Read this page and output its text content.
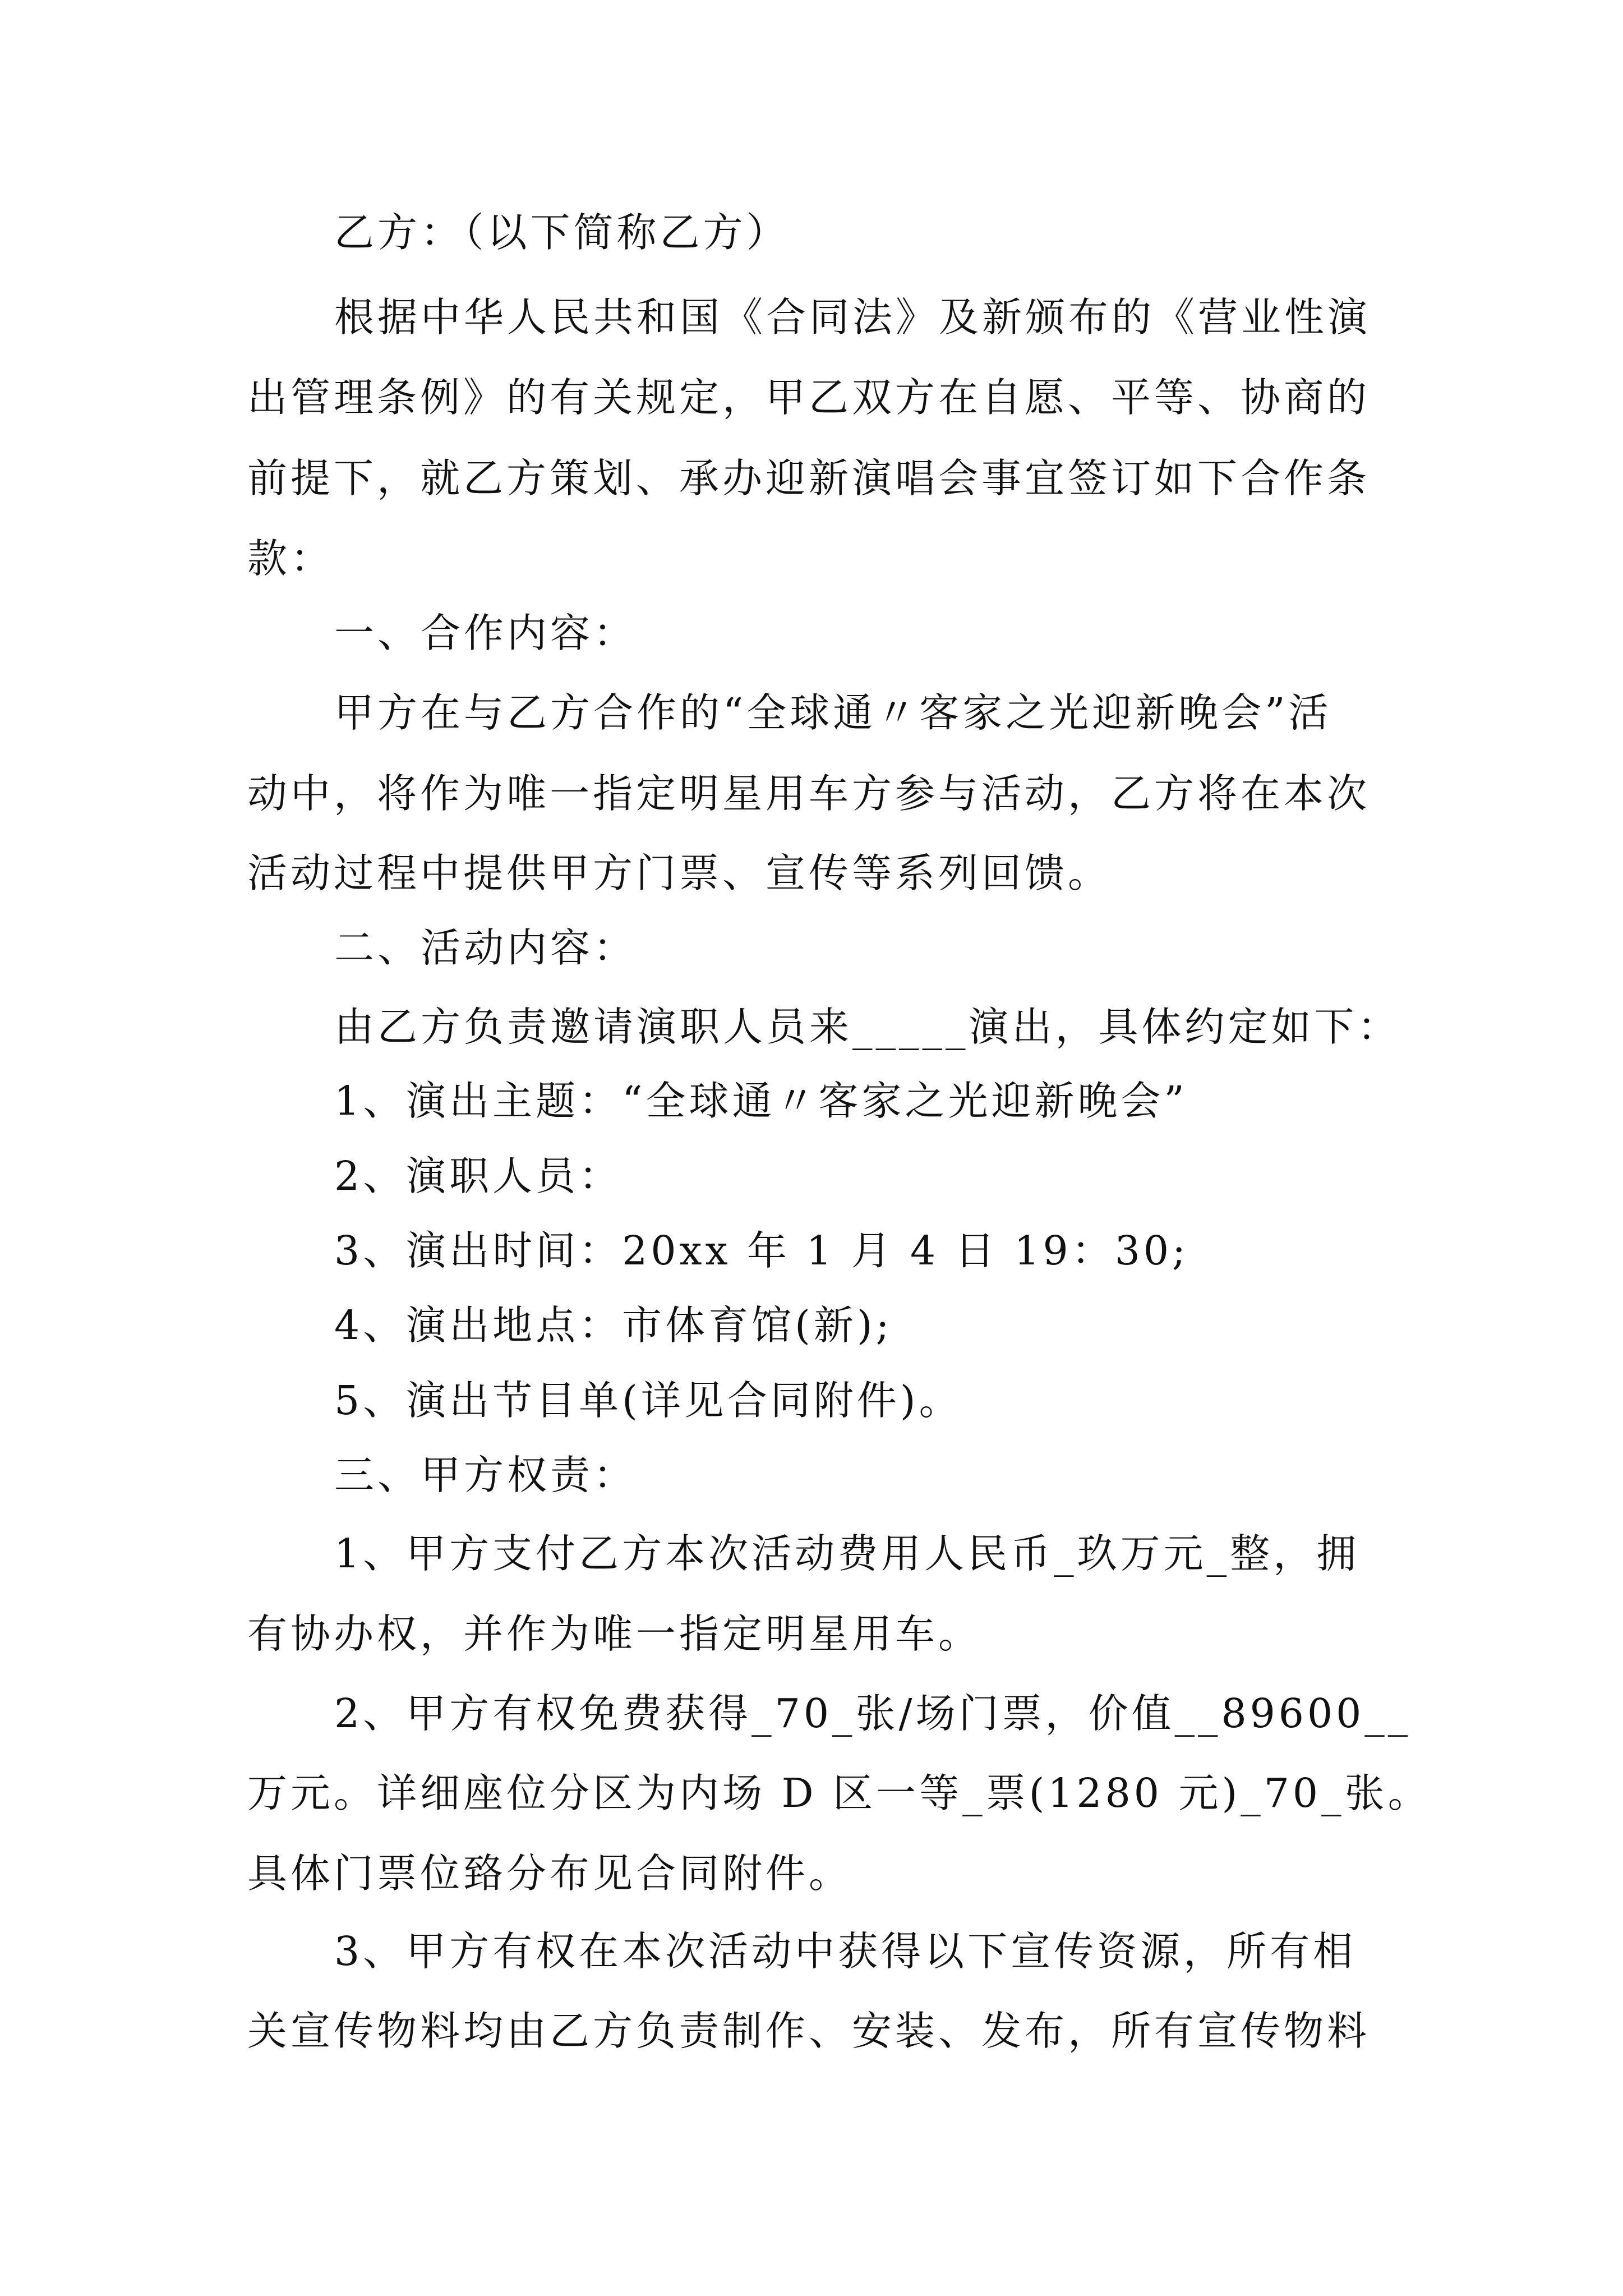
乙方：（以下简称乙方）
根据中华人民共和国《合同法》及新颁布的《营业性演
出管理条例》的有关规定，甲乙双方在自愿、平等、协商的
前提下，就乙方策划、承办迎新演唱会事宜签订如下合作条
款：
一、合作内容：
甲方在与乙方合作的“全球通〃客家之光迎新晚会”活
动中，将作为唯一指定明星用车方参与活动，乙方将在本次
活动过程中提供甲方门票、宣传等系列回馈。
二、活动内容：
由乙方负责邀请演职人员来_____演出，具体约定如下：
1、演出主题：“全球通〃客家之光迎新晚会”
2、演职人员：
3、演出时间：20xx 年 1 月 4 日 19：30;
4、演出地点：市体育馆(新);
5、演出节目单(详见合同附件)。
三、甲方权责：
1、甲方支付乙方本次活动费用人民币_玖万元_整，拥
有协办权，并作为唯一指定明星用车。
2、甲方有权免费获得_70_张/场门票，价值__89600__
万元。详细座位分区为内场 D 区一等_票(1280 元)_70_张。
具体门票位臵分布见合同附件。
3、甲方有权在本次活动中获得以下宣传资源，所有相
关宣传物料均由乙方负责制作、安装、发布，所有宣传物料
